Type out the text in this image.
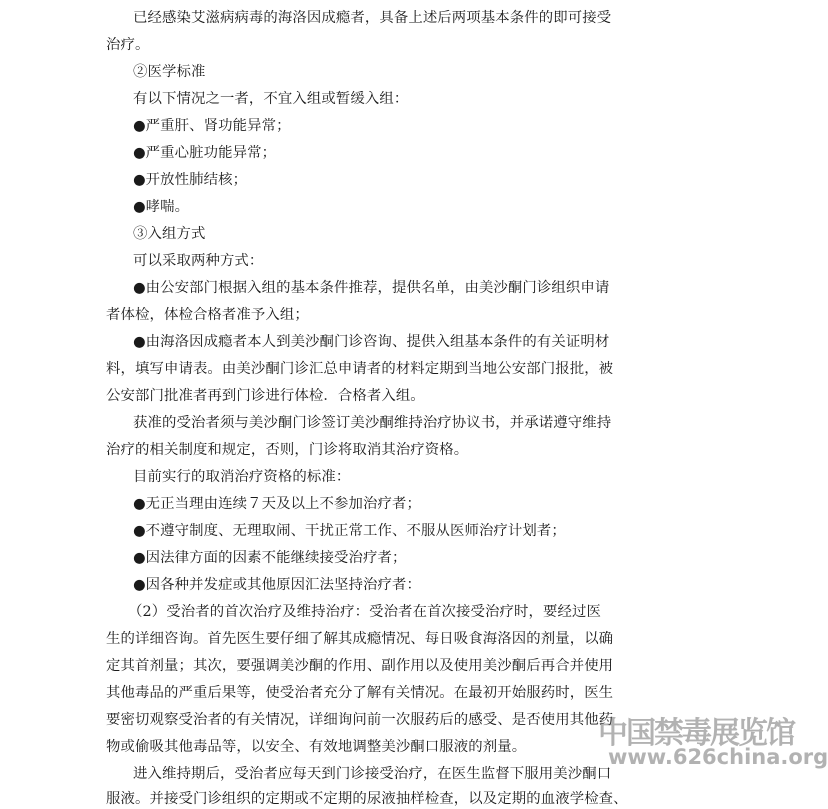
已经感染艾滋病病毒的海洛因成瘾者，具备上述后两项基本条件的即可接受
治疗。
②医学标准
有以下情况之一者，不宜入组或暂缓入组：
●严重肝、肾功能异常；
●严重心脏功能异常；
●开放性肺结核；
●哮喘。
③入组方式
可以采取两种方式：
●由公安部门根据入组的基本条件推荐，提供名单，由美沙酮门诊组织申请
者体检，体检合格者准予入组；
●由海洛因成瘾者本人到美沙酮门诊咨询、提供入组基本条件的有关证明材
料，填写申请表。由美沙酮门诊汇总申请者的材料定期到当地公安部门报批，被
公安部门批准者再到门诊进行体检．合格者入组。
获准的受治者须与美沙酮门诊签订美沙酮维持治疗协议书，并承诺遵守维持
治疗的相关制度和规定，否则，门诊将取消其治疗资格。
目前实行的取消治疗资格的标准：
●无正当理由连续７天及以上不参加治疗者；
●不遵守制度、无理取闹、干扰正常工作、不服从医师治疗计划者；
●因法律方面的因素不能继续接受治疗者；
●因各种并发症或其他原因汇法坚持治疗者：
（2）受治者的首次治疗及维持治疗：受治者在首次接受治疗时，要经过医
生的详细咨询。首先医生要仔细了解其成瘾情况、每日吸食海洛因的剂量，以确
定其首剂量；其次，要强调美沙酮的作用、副作用以及使用美沙酮后再合并使用
其他毒品的严重后果等，使受治者充分了解有关情况。在最初开始服药时，医生
要密切观察受治者的有关情况，详细询问前一次服药后的感受、是否使用其他药
物或偷吸其他毒品等，以安全、有效地调整美沙酮口服液的剂量。
进入维持期后，受治者应每天到门诊接受治疗，在医生监督下服用美沙酮口
服液。并接受门诊组织的定期或不定期的尿液抽样检查，以及定期的血液学检查、
中国禁毒展览馆
www.626china.org
